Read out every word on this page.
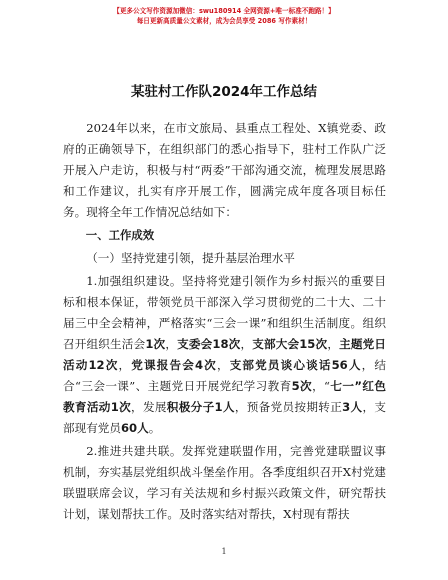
【更多公文写作资源加微信：swu180914 全网资源+唯一标准不跑路！】
每日更新高质量公文素材，成为会员享受 2086 写作素材！
某驻村工作队2024年工作总结

2024年以来，在市文旅局、县重点工程处、X镇党委、政府的正确领导下，在组织部门的悉心指导下，驻村工作队广泛开展入户走访，积极与村“两委”干部沟通交流，梳理发展思路和工作建议，扎实有序开展工作，圆满完成年度各项目标任务。现将全年工作情况总结如下：

一、工作成效

（一）坚持党建引领，提升基层治理水平

1.加强组织建设。坚持将党建引领作为乡村振兴的重要目标和根本保证，带领党员干部深入学习贯彻党的二十大、二十届三中全会精神，严格落实“三会一课”和组织生活制度。组织召开组织生活会1次，支委会18次，支部大会15次，主题党日活动12次，党课报告会4次，支部党员谈心谈话56人，结合“三会一课”、主题党日开展党纪学习教育5次，“七一”红色教育活动1次，发展积极分子1人，预备党员按期转正3人，支部现有党员60人。

2.推进共建共联。发挥党建联盟作用，完善党建联盟议事机制，夯实基层党组织战斗堡垒作用。各季度组织召开X村党建联盟联席会议，学习有关法规和乡村振兴政策文件，研究帮扶计划，谋划帮扶工作。及时落实结对帮扶，X村现有帮扶

1
